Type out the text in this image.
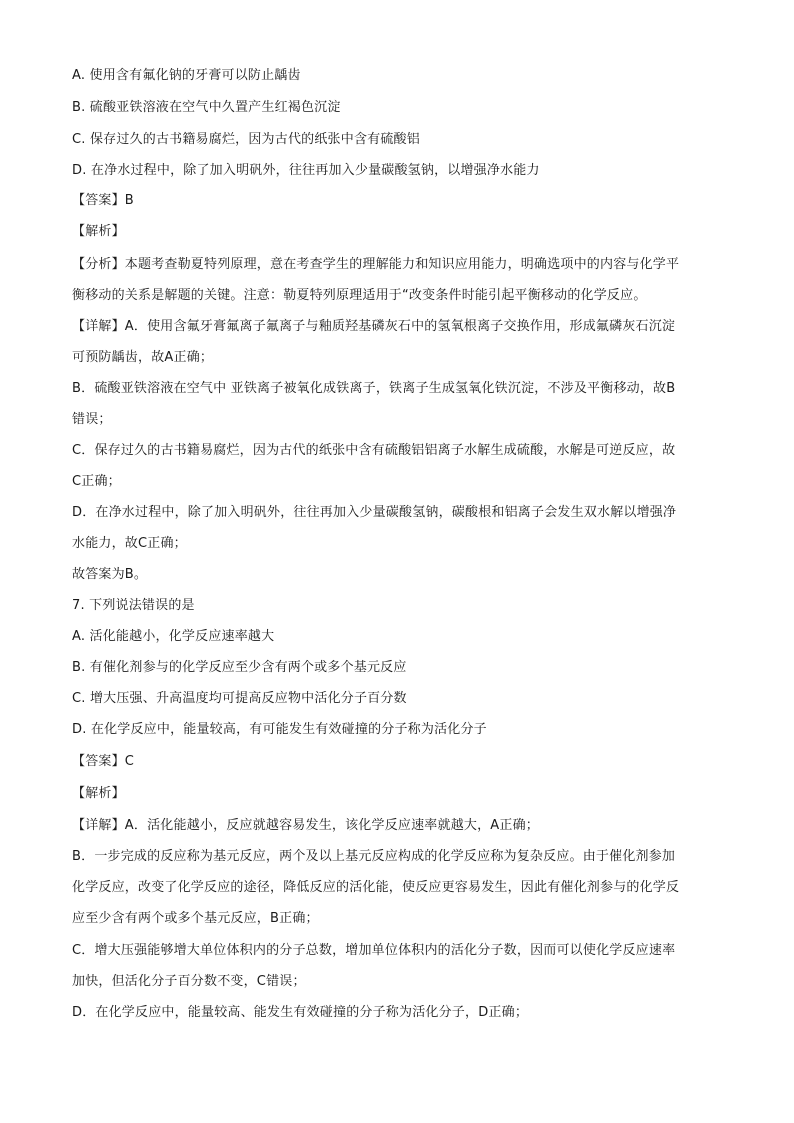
A. 使用含有氟化钠的牙膏可以防止龋齿
B. 硫酸亚铁溶液在空气中久置产生红褐色沉淀
C. 保存过久的古书籍易腐烂，因为古代的纸张中含有硫酸铝
D. 在净水过程中，除了加入明矾外，往往再加入少量碳酸氢钠，以增强净水能力
【答案】B
【解析】
【分析】本题考查勒夏特列原理，意在考查学生的理解能力和知识应用能力，明确选项中的内容与化学平
衡移动的关系是解题的关键。注意：勒夏特列原理适用于“改变条件时能引起平衡移动的化学反应。
【详解】A．使用含氟牙膏氟离子氟离子与釉质羟基磷灰石中的氢氧根离子交换作用，形成氟磷灰石沉淀
可预防龋齿，故A正确；
B．硫酸亚铁溶液在空气中 亚铁离子被氧化成铁离子，铁离子生成氢氧化铁沉淀，不涉及平衡移动，故B
错误；
C．保存过久的古书籍易腐烂，因为古代的纸张中含有硫酸铝铝离子水解生成硫酸，水解是可逆反应，故
C正确；
D．在净水过程中，除了加入明矾外，往往再加入少量碳酸氢钠，碳酸根和铝离子会发生双水解以增强净
水能力，故C正确；
故答案为B。
7. 下列说法错误的是
A. 活化能越小，化学反应速率越大
B. 有催化剂参与的化学反应至少含有两个或多个基元反应
C. 增大压强、升高温度均可提高反应物中活化分子百分数
D. 在化学反应中，能量较高，有可能发生有效碰撞的分子称为活化分子
【答案】C
【解析】
【详解】A．活化能越小，反应就越容易发生，该化学反应速率就越大，A正确；
B．一步完成的反应称为基元反应，两个及以上基元反应构成的化学反应称为复杂反应。由于催化剂参加
化学反应，改变了化学反应的途径，降低反应的活化能，使反应更容易发生，因此有催化剂参与的化学反
应至少含有两个或多个基元反应，B正确；
C．增大压强能够增大单位体积内的分子总数，增加单位体积内的活化分子数，因而可以使化学反应速率
加快，但活化分子百分数不变，C错误；
D．在化学反应中，能量较高、能发生有效碰撞的分子称为活化分子，D正确；
